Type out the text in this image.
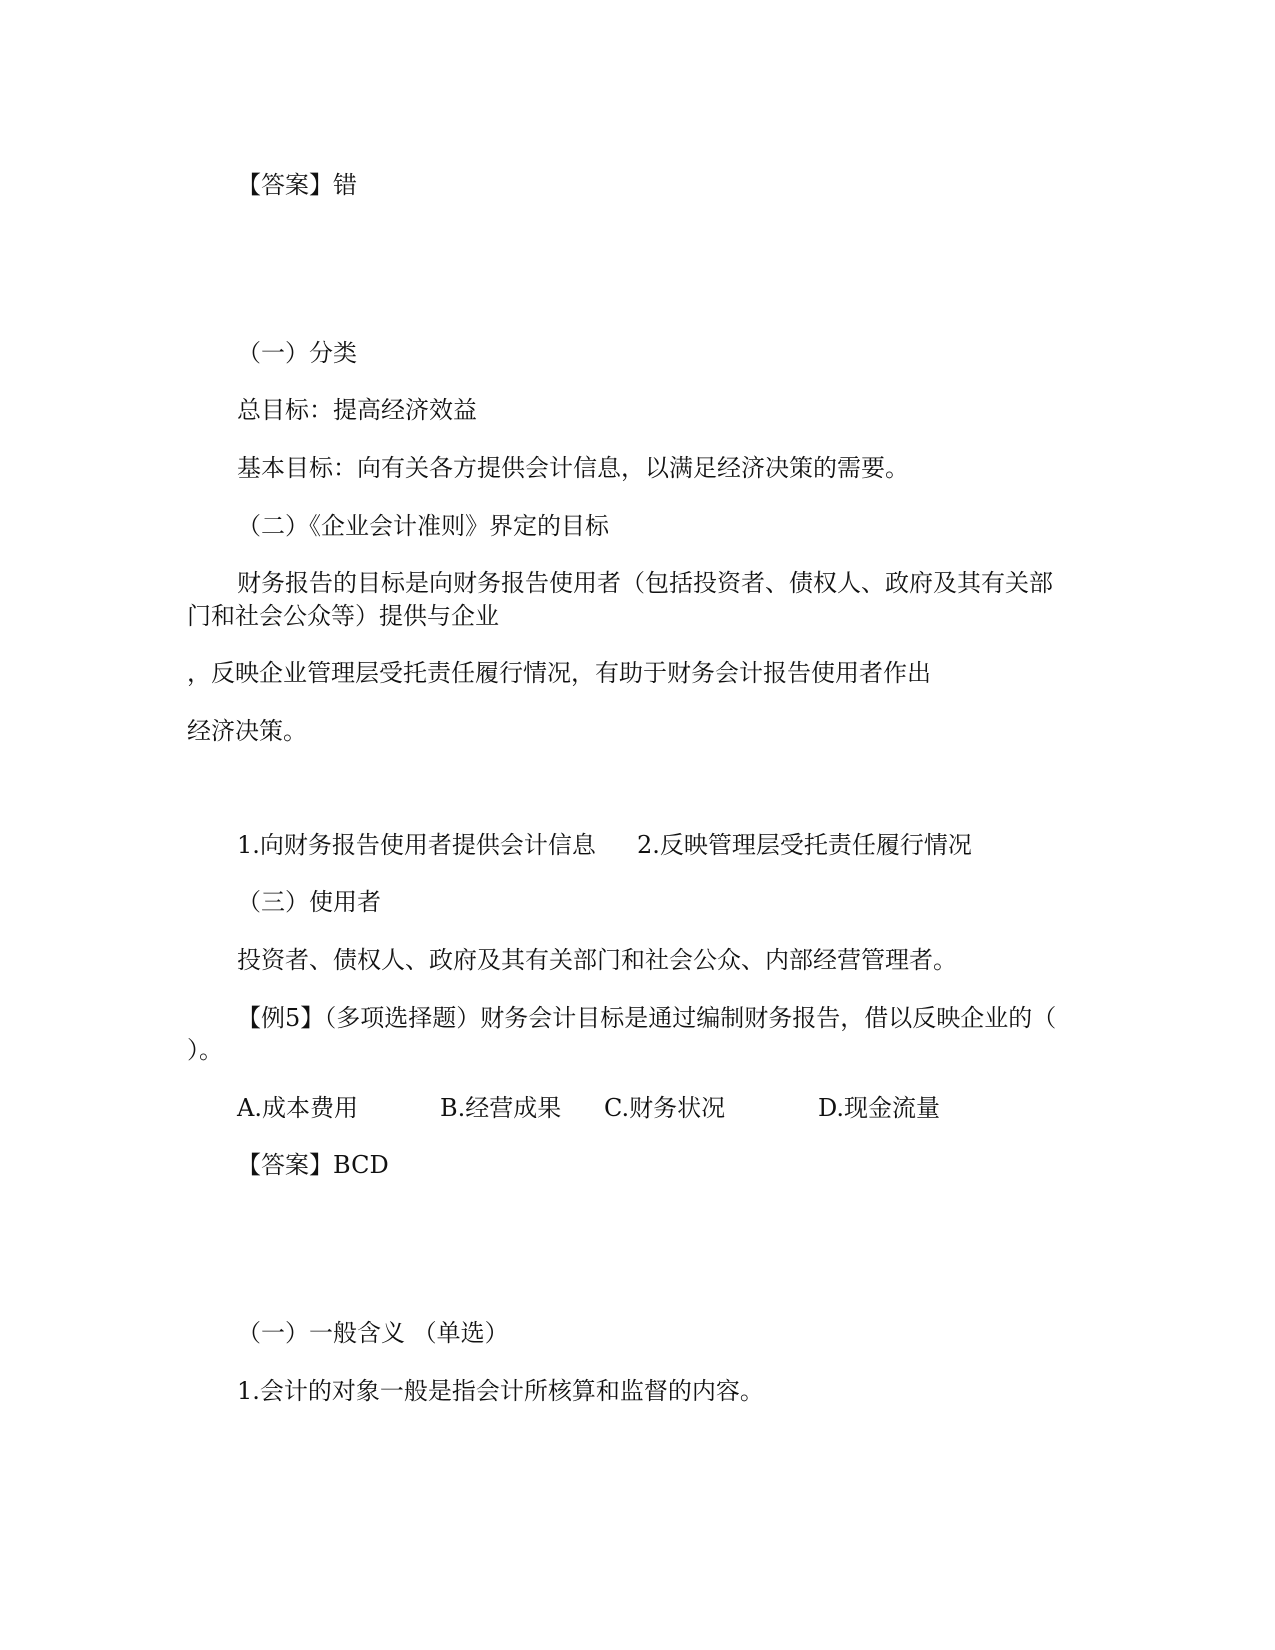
【答案】错
（一）分类
总目标：提高经济效益
基本目标：向有关各方提供会计信息，以满足经济决策的需要。
（二）《企业会计准则》界定的目标
财务报告的目标是向财务报告使用者（包括投资者、债权人、政府及其有关部
门和社会公众等）提供与企业
，反映企业管理层受托责任履行情况，有助于财务会计报告使用者作出
经济决策。
1.向财务报告使用者提供会计信息 2.反映管理层受托责任履行情况
（三）使用者
投资者、债权人、政府及其有关部门和社会公众、内部经营管理者。
【例5】（多项选择题）财务会计目标是通过编制财务报告，借以反映企业的（
）。
A.成本费用	B.经营成果 C.财务状况	D.现金流量
【答案】BCD
（一）一般含义 （单选）
1.会计的对象一般是指会计所核算和监督的内容。
